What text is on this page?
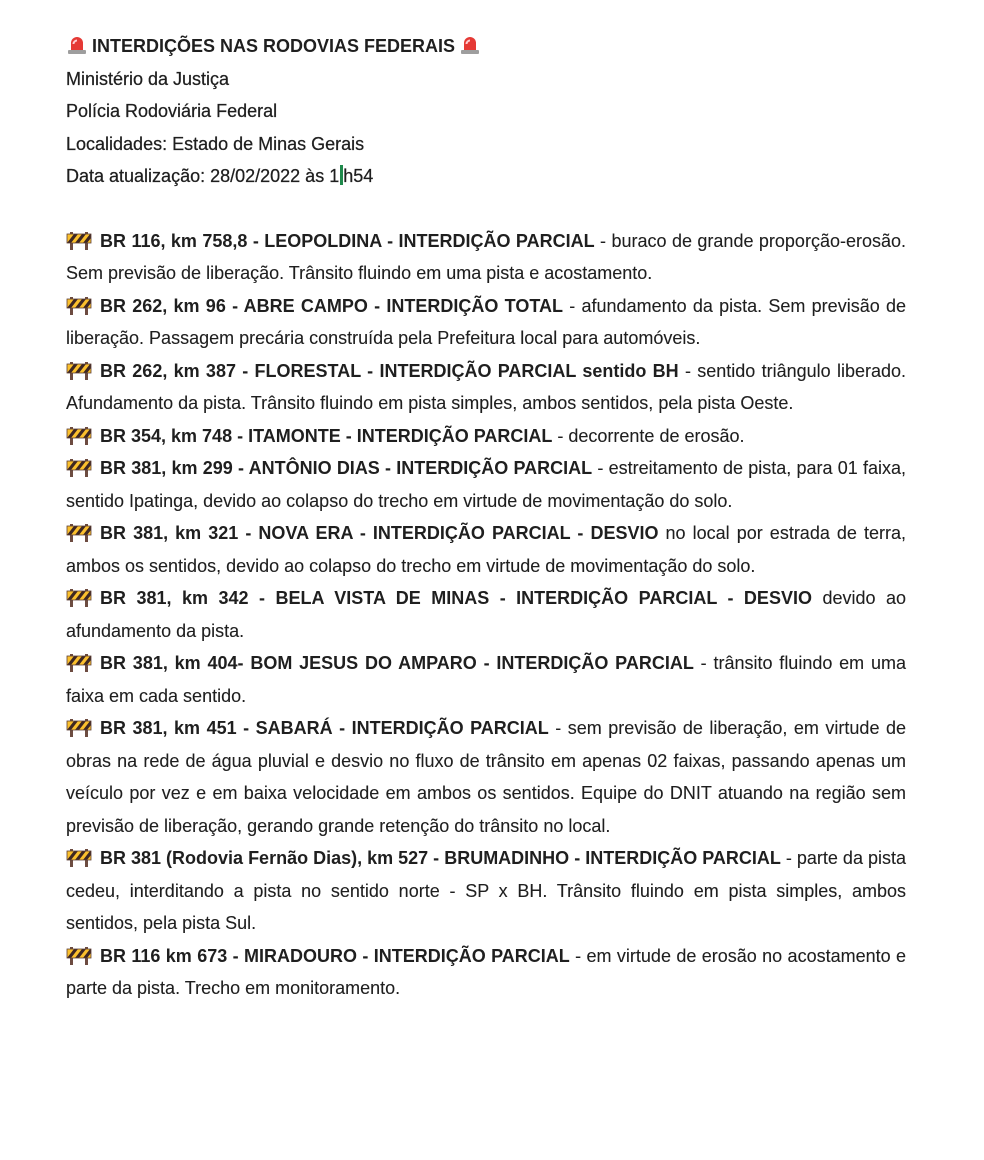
INTERDIÇÕES NAS RODOVIAS FEDERAIS
Ministério da Justiça
Polícia Rodoviária Federal
Localidades: Estado de Minas Gerais
Data atualização: 28/02/2022 às 1 h54
BR 116, km 758,8 - LEOPOLDINA - INTERDIÇÃO PARCIAL - buraco de grande proporção-erosão. Sem previsão de liberação. Trânsito fluindo em uma pista e acostamento.
BR 262, km 96 - ABRE CAMPO - INTERDIÇÃO TOTAL - afundamento da pista. Sem previsão de liberação. Passagem precária construída pela Prefeitura local para automóveis.
BR 262, km 387 - FLORESTAL - INTERDIÇÃO PARCIAL sentido BH - sentido triângulo liberado. Afundamento da pista. Trânsito fluindo em pista simples, ambos sentidos, pela pista Oeste.
BR 354, km 748 - ITAMONTE - INTERDIÇÃO PARCIAL - decorrente de erosão.
BR 381, km 299 - ANTÔNIO DIAS - INTERDIÇÃO PARCIAL - estreitamento de pista, para 01 faixa, sentido Ipatinga, devido ao colapso do trecho em virtude de movimentação do solo.
BR 381, km 321 - NOVA ERA - INTERDIÇÃO PARCIAL - DESVIO no local por estrada de terra, ambos os sentidos, devido ao colapso do trecho em virtude de movimentação do solo.
BR 381, km 342 - BELA VISTA DE MINAS - INTERDIÇÃO PARCIAL - DESVIO devido ao afundamento da pista.
BR 381, km 404- BOM JESUS DO AMPARO - INTERDIÇÃO PARCIAL - trânsito fluindo em uma faixa em cada sentido.
BR 381, km 451 - SABARÁ - INTERDIÇÃO PARCIAL - sem previsão de liberação, em virtude de obras na rede de água pluvial e desvio no fluxo de trânsito em apenas 02 faixas, passando apenas um veículo por vez e em baixa velocidade em ambos os sentidos. Equipe do DNIT atuando na região sem previsão de liberação, gerando grande retenção do trânsito no local.
BR 381 (Rodovia Fernão Dias), km 527 - BRUMADINHO - INTERDIÇÃO PARCIAL - parte da pista cedeu, interditando a pista no sentido norte - SP x BH. Trânsito fluindo em pista simples, ambos sentidos, pela pista Sul.
BR 116 km 673 - MIRADOURO - INTERDIÇÃO PARCIAL - em virtude de erosão no acostamento e parte da pista. Trecho em monitoramento.
